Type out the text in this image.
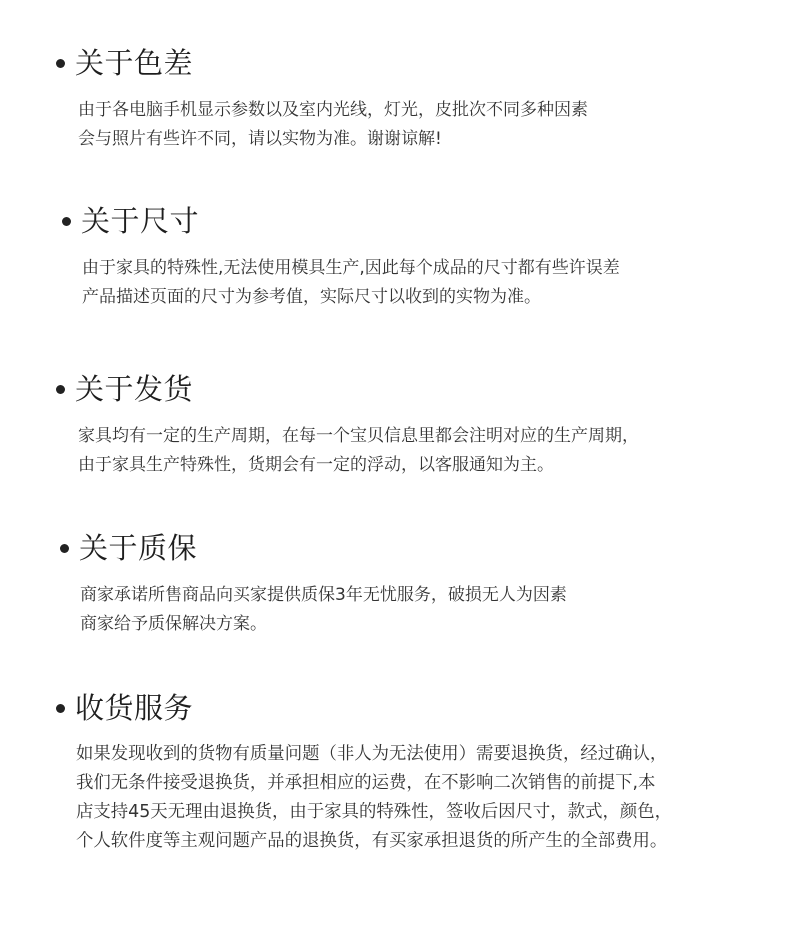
关于色差
由于各电脑手机显示参数以及室内光线，灯光，皮批次不同多种因素
会与照片有些许不同，请以实物为准。谢谢谅解!
关于尺寸
由于家具的特殊性,无法使用模具生产,因此每个成品的尺寸都有些许误差
产品描述页面的尺寸为参考值，实际尺寸以收到的实物为准。
关于发货
家具均有一定的生产周期，在每一个宝贝信息里都会注明对应的生产周期，
由于家具生产特殊性，货期会有一定的浮动，以客服通知为主。
关于质保
商家承诺所售商品向买家提供质保3年无忧服务，破损无人为因素
商家给予质保解决方案。
收货服务
如果发现收到的货物有质量问题（非人为无法使用）需要退换货，经过确认，
我们无条件接受退换货，并承担相应的运费，在不影响二次销售的前提下,本
店支持45天无理由退换货，由于家具的特殊性，签收后因尺寸，款式，颜色，
个人软件度等主观问题产品的退换货，有买家承担退货的所产生的全部费用。
